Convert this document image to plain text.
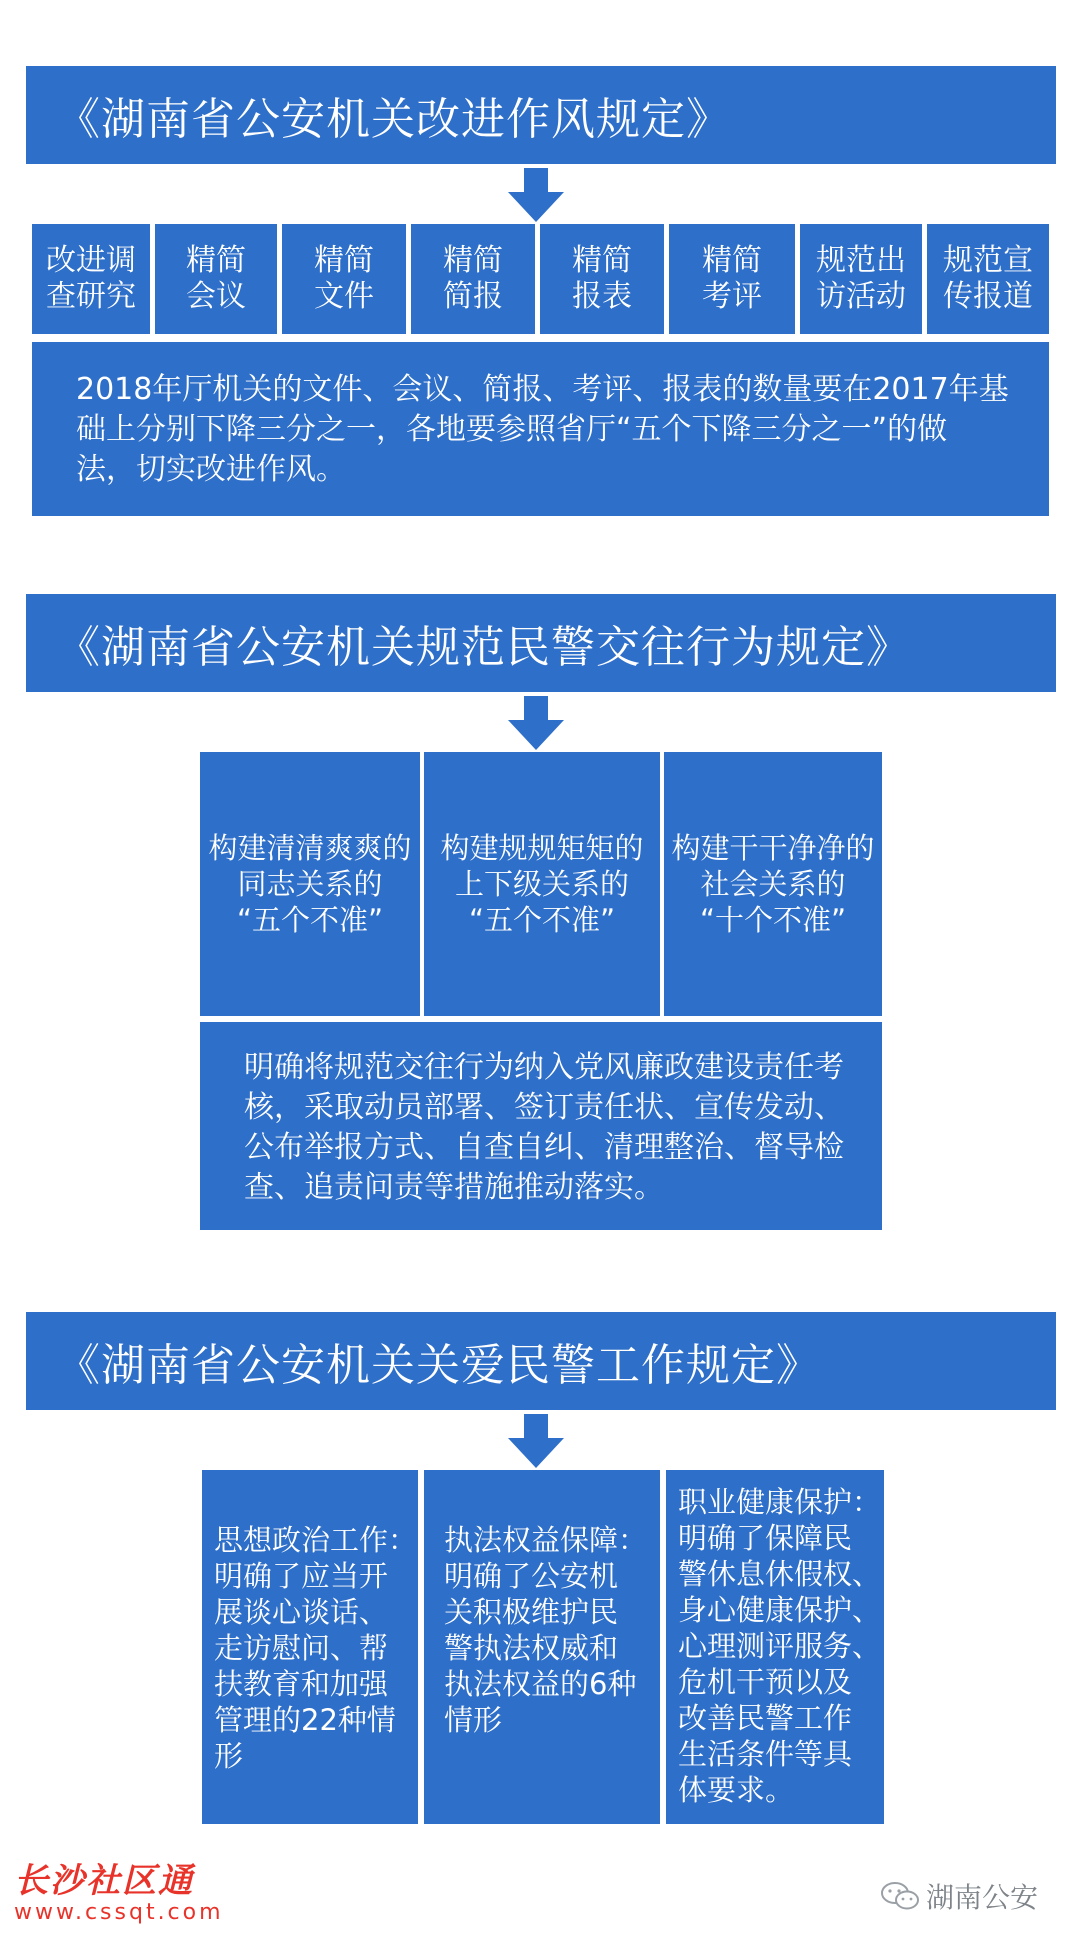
《湖南省公安机关改进作风规定》
改进调
查研究
精简
会议
精简
文件
精简
简报
精简
报表
精简
考评
规范出
访活动
规范宣
传报道
2018年厅机关的文件、会议、简报、考评、报表的数量要在2017年基
础上分别下降三分之一，各地要参照省厅“五个下降三分之一”的做
法，切实改进作风。
《湖南省公安机关规范民警交往行为规定》
构建清清爽爽的
同志关系的
“五个不准”
构建规规矩矩的
上下级关系的
“五个不准”
构建干干净净的
社会关系的
“十个不准”
明确将规范交往行为纳入党风廉政建设责任考
核，采取动员部署、签订责任状、宣传发动、
公布举报方式、自查自纠、清理整治、督导检
查、追责问责等措施推动落实。
《湖南省公安机关关爱民警工作规定》
思想政治工作：
明确了应当开
展谈心谈话、
走访慰问、帮
扶教育和加强
管理的22种情
形
执法权益保障：
明确了公安机
关积极维护民
警执法权威和
执法权益的6种
情形
职业健康保护：
明确了保障民
警休息休假权、
身心健康保护、
心理测评服务、
危机干预以及
改善民警工作
生活条件等具
体要求。
长沙社区通
www.cssqt.com	湖南公安
